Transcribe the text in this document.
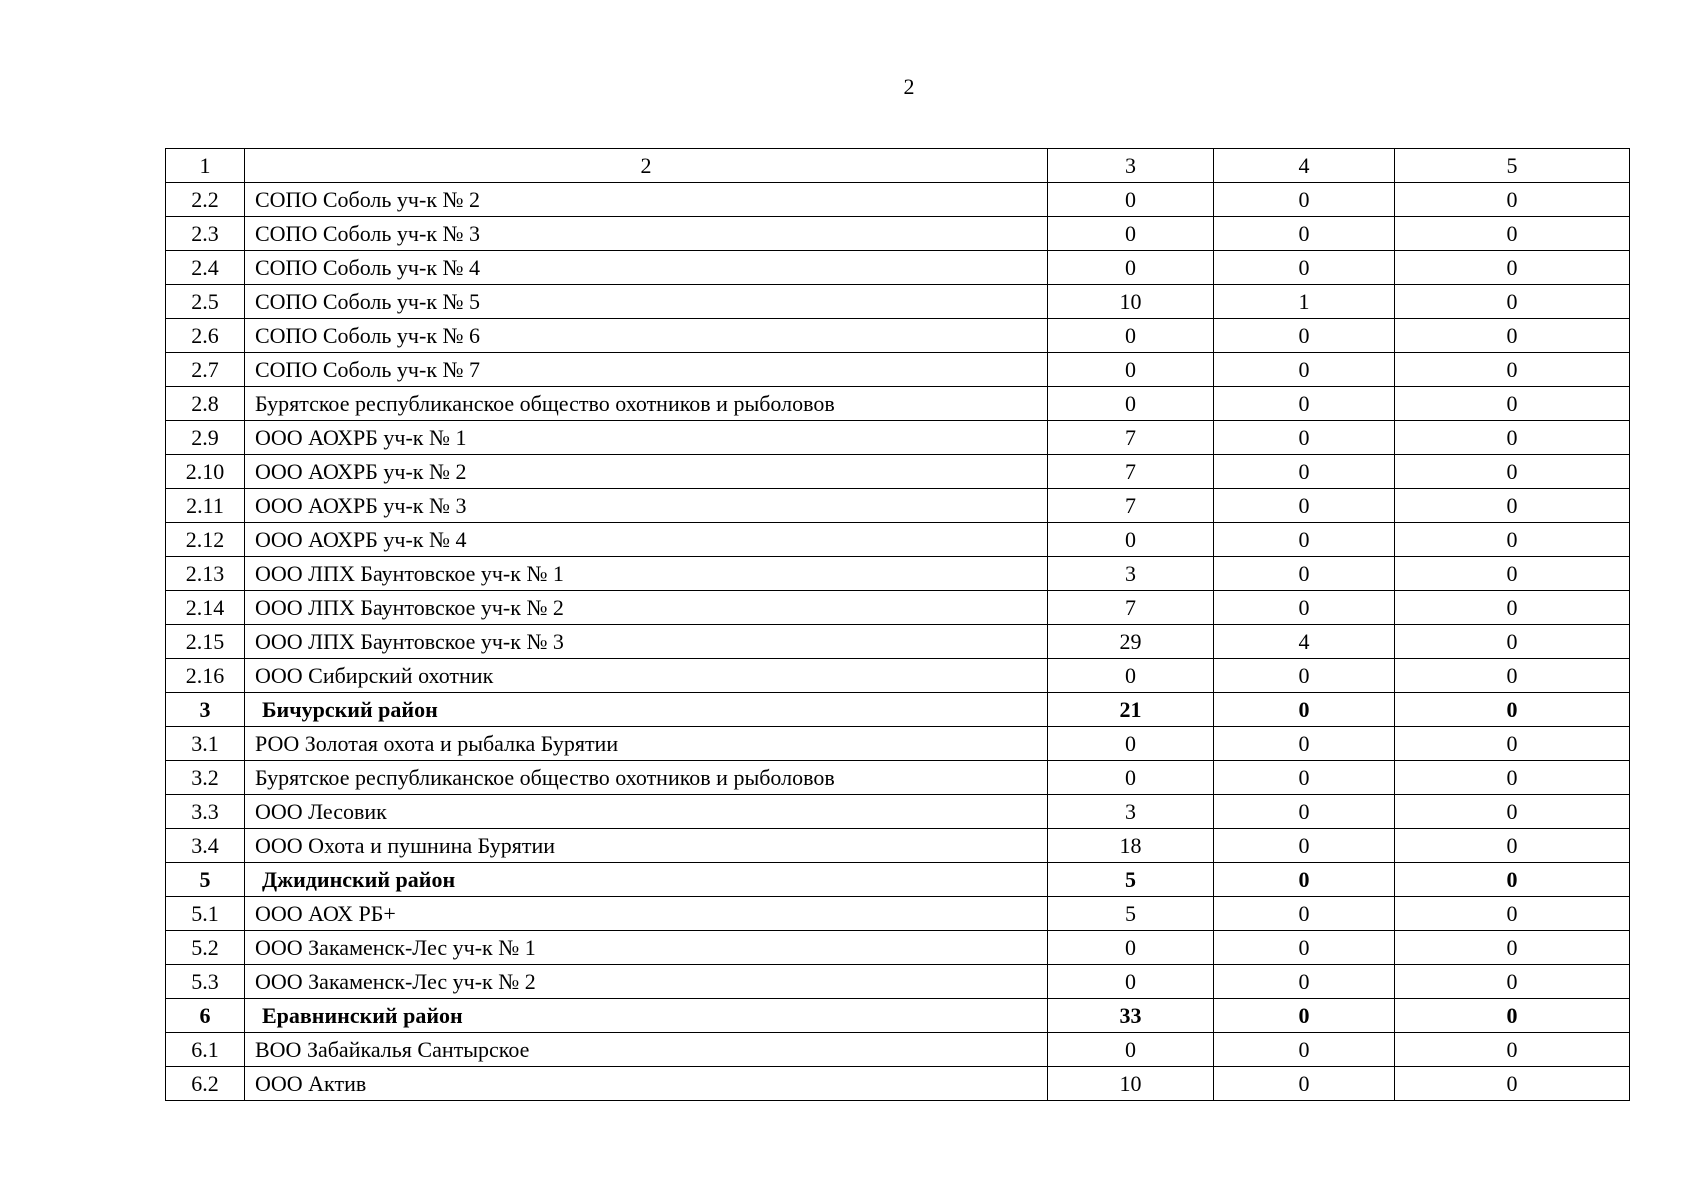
2
1	2	3	4	5
2.2	СОПО Соболь уч-к № 2	0	0	0
2.3	СОПО Соболь уч-к № 3	0	0	0
2.4	СОПО Соболь уч-к № 4	0	0	0
2.5	СОПО Соболь уч-к № 5	10	1	0
2.6	СОПО Соболь уч-к № 6	0	0	0
2.7	СОПО Соболь уч-к № 7	0	0	0
2.8	Бурятское республиканское общество охотников и рыболовов	0	0	0
2.9	ООО АОХРБ уч-к № 1	7	0	0
2.10	ООО АОХРБ уч-к № 2	7	0	0
2.11	ООО АОХРБ уч-к № 3	7	0	0
2.12	ООО АОХРБ уч-к № 4	0	0	0
2.13	ООО ЛПХ Баунтовское уч-к № 1	3	0	0
2.14	ООО ЛПХ Баунтовское уч-к № 2	7	0	0
2.15	ООО ЛПХ Баунтовское уч-к № 3	29	4	0
2.16	ООО Сибирский охотник	0	0	0
3	Бичурский район	21	0	0
3.1	РОО Золотая охота и рыбалка Бурятии	0	0	0
3.2	Бурятское республиканское общество охотников и рыболовов	0	0	0
3.3	ООО Лесовик	3	0	0
3.4	ООО Охота и пушнина Бурятии	18	0	0
5	Джидинский район	5	0	0
5.1	ООО АОХ РБ+	5	0	0
5.2	ООО Закаменск-Лес уч-к № 1	0	0	0
5.3	ООО Закаменск-Лес уч-к № 2	0	0	0
6	Еравнинский район	33	0	0
6.1	ВОО Забайкалья Сантырское	0	0	0
6.2	ООО Актив	10	0	0
